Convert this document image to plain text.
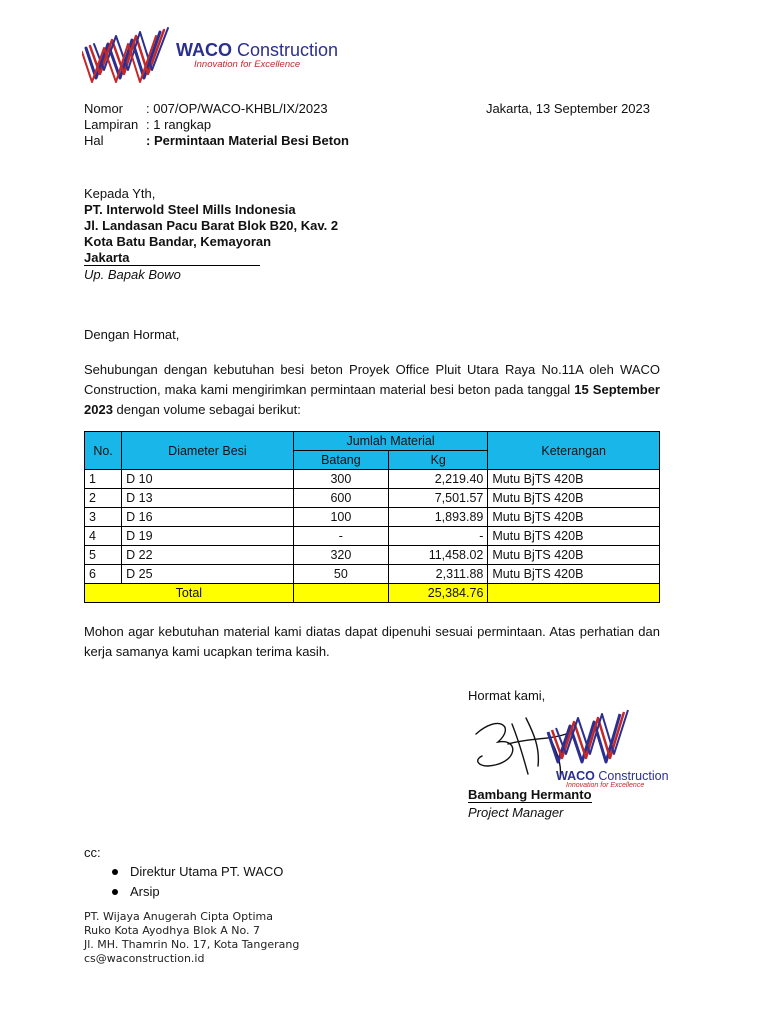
WACO Construction
Innovation for Excellence
Nomor : 007/OP/WACO-KHBL/IX/2023	Jakarta, 13 September 2023
Lampiran : 1 rangkap
Hal	: Permintaan Material Besi Beton
Kepada Yth,
PT. Interwold Steel Mills Indonesia
Jl. Landasan Pacu Barat Blok B20, Kav. 2
Kota Batu Bandar, Kemayoran
Jakarta
Up. Bapak Bowo
Dengan Hormat,
Sehubungan dengan kebutuhan besi beton Proyek Office Pluit Utara Raya No.11A oleh WACO Construction, maka kami mengirimkan permintaan material besi beton pada tanggal 15 September 2023 dengan volume sebagai berikut:
No.	Diameter Besi	Jumlah Material		Keterangan
		Batang	Kg	
1	D 10	300	2,219.40	Mutu BjTS 420B
2	D 13	600	7,501.57	Mutu BjTS 420B
3	D 16	100	1,893.89	Mutu BjTS 420B
4	D 19	-	-	Mutu BjTS 420B
5	D 22	320	11,458.02	Mutu BjTS 420B
6	D 25	50	2,311.88	Mutu BjTS 420B
Total			25,384.76	
Mohon agar kebutuhan material kami diatas dapat dipenuhi sesuai permintaan. Atas perhatian dan kerja samanya kami ucapkan terima kasih.
Hormat kami,
WACO Construction
Innovation for Excellence
Bambang Hermanto
Project Manager
cc:
Direktur Utama PT. WACO
Arsip
PT. Wijaya Anugerah Cipta Optima
Ruko Kota Ayodhya Blok A No. 7
Jl. MH. Thamrin No. 17, Kota Tangerang
cs@waconstruction.id
